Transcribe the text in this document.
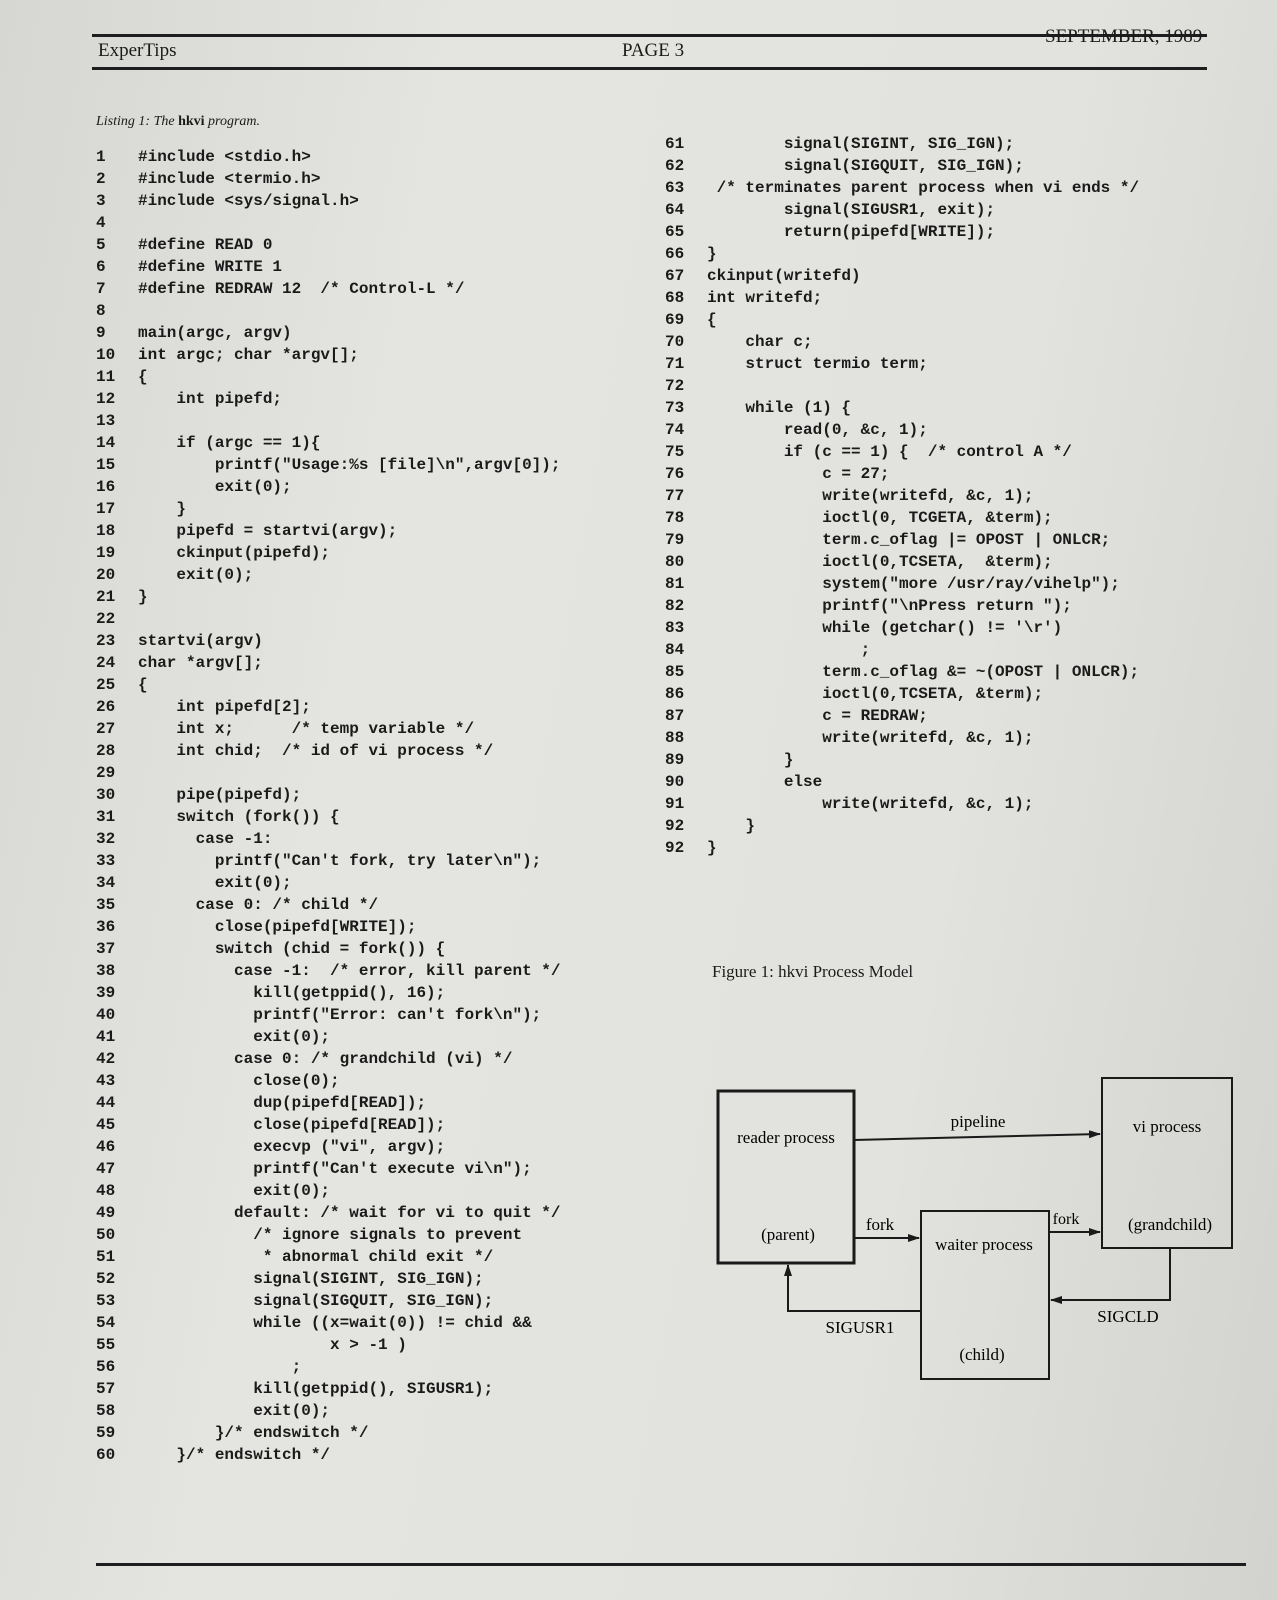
ExperTips	PAGE 3
SEPTEMBER, 1989
Listing 1: The hkvi program.
1 #include <stdio.h>
2 #include <termio.h>
3 #include <sys/signal.h>
4
5 #define READ 0
6 #define WRITE 1
7 #define REDRAW 12  /* Control-L */
8
9 main(argc, argv)
10 int argc; char *argv[];
11 {
12    int pipefd;
13
14    if (argc == 1){
15        printf("Usage:%s [file]\n",argv[0]);
16        exit(0);
17    }
18    pipefd = startvi(argv);
19    ckinput(pipefd);
20    exit(0);
21 }
22
23 startvi(argv)
24 char *argv[];
25 {
26    int pipefd[2];
27    int x;      /* temp variable */
28    int chid;  /* id of vi process */
29
30    pipe(pipefd);
31    switch (fork()) {
32      case -1:
33        printf("Can't fork, try later\n");
34        exit(0);
35      case 0: /* child */
36        close(pipefd[WRITE]);
37        switch (chid = fork()) {
38          case -1:  /* error, kill parent */
39            kill(getppid(), 16);
40            printf("Error: can't fork\n");
41            exit(0);
42          case 0: /* grandchild (vi) */
43            close(0);
44            dup(pipefd[READ]);
45            close(pipefd[READ]);
46            execvp ("vi", argv);
47            printf("Can't execute vi\n");
48            exit(0);
49          default: /* wait for vi to quit */
50            /* ignore signals to prevent
51             * abnormal child exit */
52            signal(SIGINT, SIG_IGN);
53            signal(SIGQUIT, SIG_IGN);
54            while ((x=wait(0)) != chid &&
55                    x > -1 )
56                ;
57            kill(getppid(), SIGUSR1);
58            exit(0);
59        }/* endswitch */
60    }/* endswitch */
61        signal(SIGINT, SIG_IGN);
62        signal(SIGQUIT, SIG_IGN);
63 /* terminates parent process when vi ends */
64        signal(SIGUSR1, exit);
65        return(pipefd[WRITE]);
66 }
67 ckinput(writefd)
68 int writefd;
69 {
70    char c;
71    struct termio term;
72
73    while (1) {
74        read(0, &c, 1);
75        if (c == 1) {  /* control A */
76            c = 27;
77            write(writefd, &c, 1);
78            ioctl(0, TCGETA, &term);
79            term.c_oflag |= OPOST | ONLCR;
80            ioctl(0,TCSETA,  &term);
81            system("more /usr/ray/vihelp");
82            printf("\nPress return ");
83            while (getchar() != '\r')
84                ;
85            term.c_oflag &= ~(OPOST | ONLCR);
86            ioctl(0,TCSETA, &term);
87            c = REDRAW;
88            write(writefd, &c, 1);
89        }
90        else
91            write(writefd, &c, 1);
92    }
92 }
Figure 1: hkvi Process Model
reader process
(parent)
waiter process
(child)
vi process
(grandchild)
pipeline
fork	fork
SIGUSR1
SIGCLD
